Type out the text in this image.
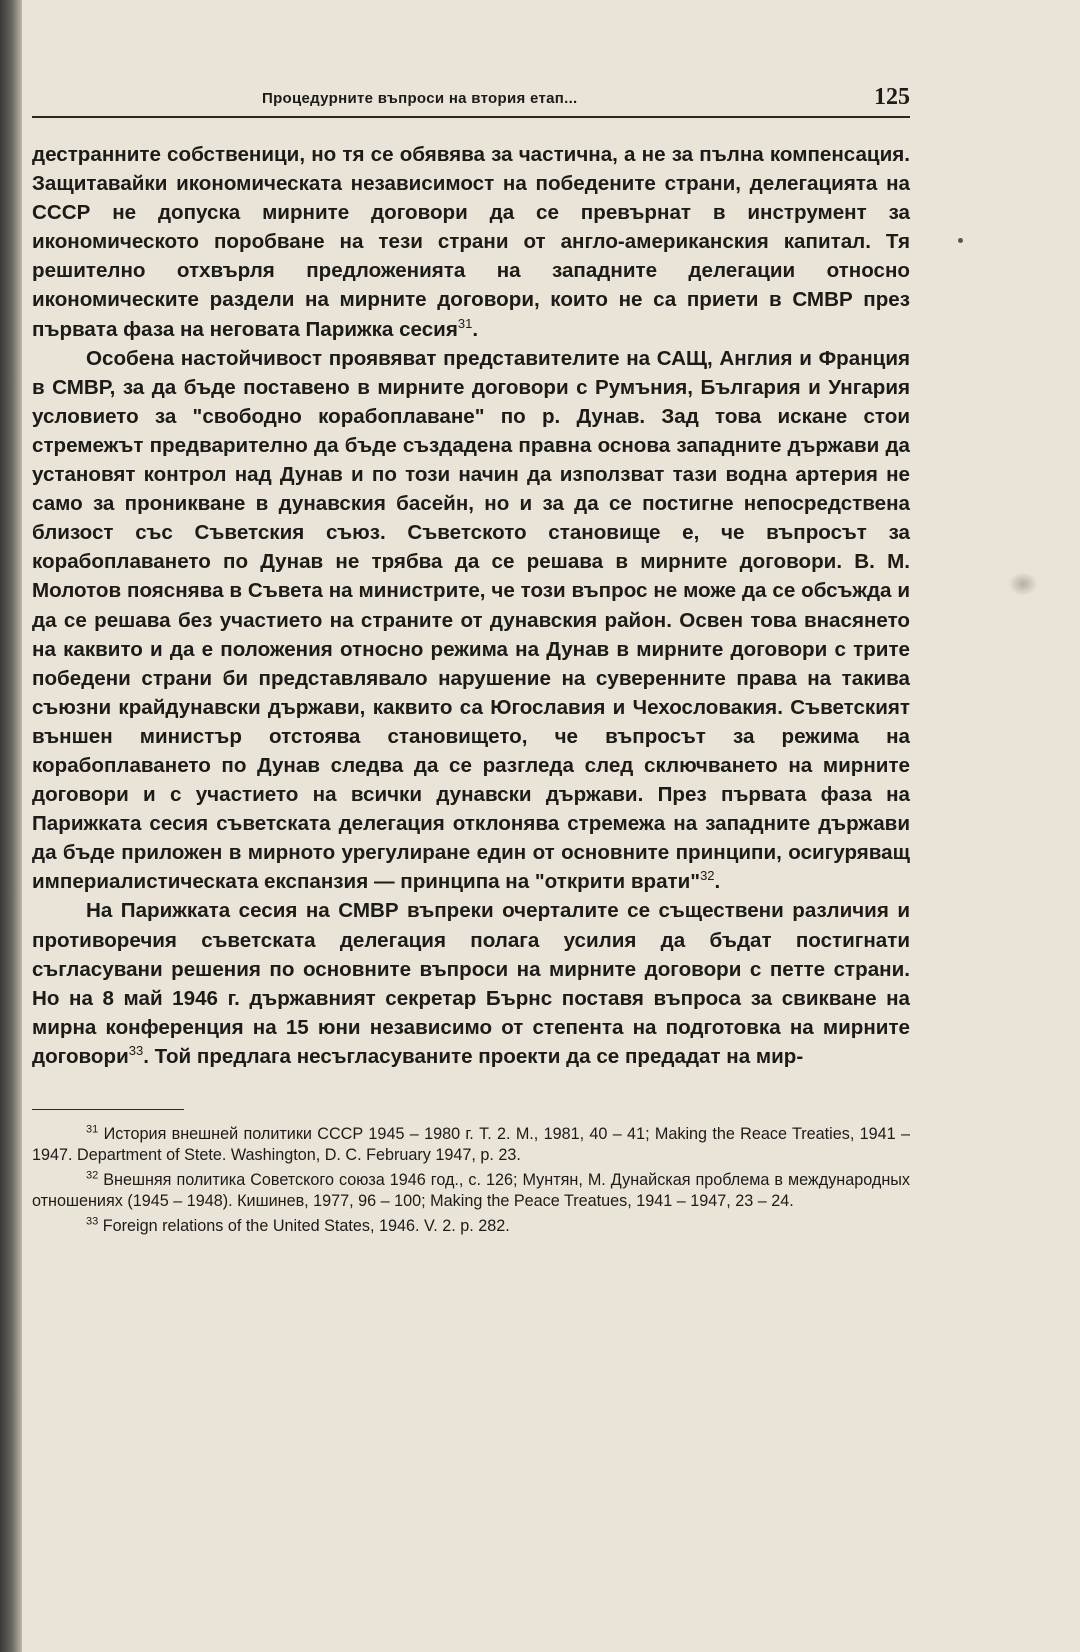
Процедурните въпроси на втория етап...	125

дестранните собственици, но тя се обявява за частична, а не за пълна компенсация. Защитавайки икономическата независимост на победените страни, делегацията на СССР не допуска мирните договори да се превърнат в инструмент за икономическото поробване на тези страни от англо-американския капитал. Тя решително отхвърля предложенията на западните делегации относно икономическите раздели на мирните договори, които не са приети в СМВР през първата фаза на неговата Парижка сесия$^{31}$.

Особена настойчивост проявяват представителите на САЩ, Англия и Франция в СМВР, за да бъде поставено в мирните договори с Румъния, България и Унгария условието за "свободно корабоплаване" по р. Дунав. Зад това искане стои стремежът предварително да бъде създадена правна основа западните държави да установят контрол над Дунав и по този начин да използват тази водна артерия не само за проникване в дунавския басейн, но и за да се постигне непосредствена близост със Съветския съюз. Съветското становище е, че въпросът за корабоплаването по Дунав не трябва да се решава в мирните договори. В. М. Молотов пояснява в Съвета на министрите, че този въпрос не може да се обсъжда и да се решава без участието на страните от дунавския район. Освен това внасянето на каквито и да е положения относно режима на Дунав в мирните договори с трите победени страни би представлявало нарушение на суверенните права на такива съюзни крайдунавски държави, каквито са Югославия и Чехословакия. Съветският външен министър отстоява становището, че въпросът за режима на корабоплаването по Дунав следва да се разгледа след сключването на мирните договори и с участието на всички дунавски държави. През първата фаза на Парижката сесия съветската делегация отклонява стремежа на западните държави да бъде приложен в мирното урегулиране един от основните принципи, осигуряващ империалистическата експанзия — принципа на "открити врати"$^{32}$.

На Парижката сесия на СМВР въпреки очерталите се съществени различия и противоречия съветската делегация полага усилия да бъдат постигнати съгласувани решения по основните въпроси на мирните договори с петте страни. Но на 8 май 1946 г. държавният секретар Бърнс поставя въпроса за свикване на мирна конференция на 15 юни независимо от степента на подготовка на мирните договори$^{33}$. Той предлага несъгласуваните проекти да се предадат на мир-

$^{31}$ История внешней политики СССР 1945 – 1980 г. Т. 2. М., 1981, 40 – 41; Making the Reace Treaties, 1941 – 1947. Department of Stete. Washington, D. C. February 1947, p. 23.

$^{32}$ Внешняя политика Советского союза 1946 год., с. 126; Мунтян, М. Дунайская проблема в международных отношениях (1945 – 1948). Кишинев, 1977, 96 – 100; Making the Peace Treatues, 1941 – 1947, 23 – 24.

$^{33}$ Foreign relations of the United States, 1946. V. 2. p. 282.
